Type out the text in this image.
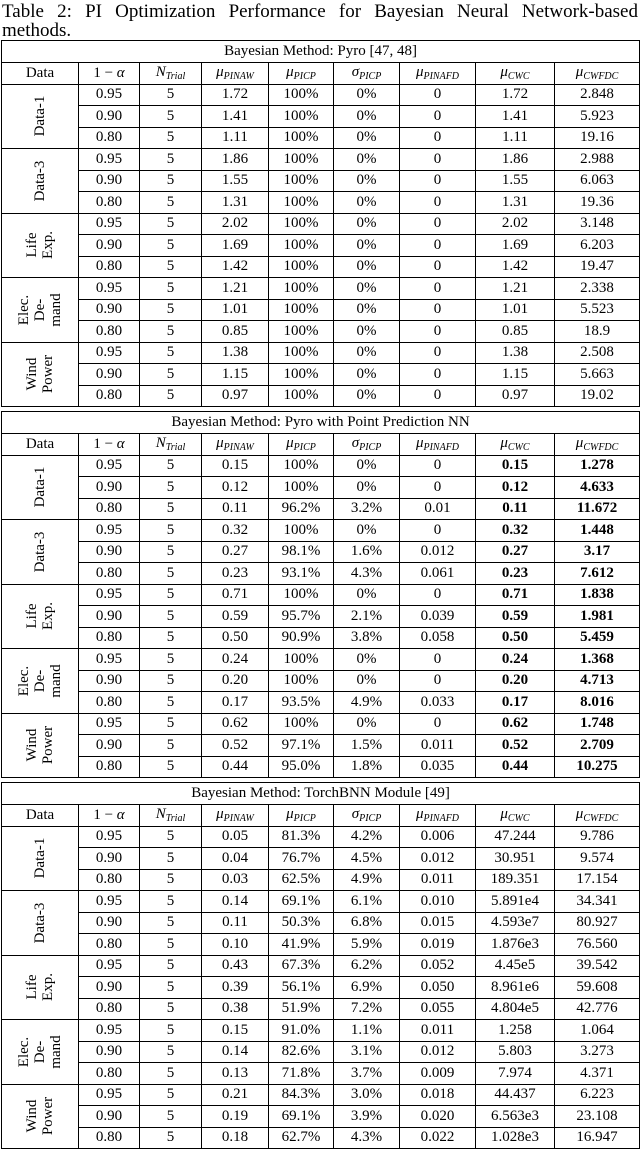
Table 2: PI Optimization Performance for Bayesian Neural Network-based methods.
Bayesian Method: Pyro [47, 48]								
Data	1 − α	$N_{Trial}$	$\mu_{PINAW}$	$\mu_{PICP}$	$\sigma_{PICP}$	$\mu_{PINAFD}$	$\mu_{CWC}$	$\mu_{CWFDC}$

Data-1	0.95	5	1.72	100%	0%	0	1.72	2.848
	0.90	5	1.41	100%	0%	0	1.41	5.923
	0.80	5	1.11	100%	0%	0	1.11	19.16

Data-3	0.95	5	1.86	100%	0%	0	1.86	2.988
	0.90	5	1.55	100%	0%	0	1.55	6.063
	0.80	5	1.31	100%	0%	0	1.31	19.36

Life Exp.	0.95	5	2.02	100%	0%	0	2.02	3.148
	0.90	5	1.69	100%	0%	0	1.69	6.203
	0.80	5	1.42	100%	0%	0	1.42	19.47

Elec. De- mand	0.95	5	1.21	100%	0%	0	1.21	2.338
	0.90	5	1.01	100%	0%	0	1.01	5.523
	0.80	5	0.85	100%	0%	0	0.85	18.9

Wind Power	0.95	5	1.38	100%	0%	0	1.38	2.508
	0.90	5	1.15	100%	0%	0	1.15	5.663
	0.80	5	0.97	100%	0%	0	0.97	19.02

Bayesian Method: Pyro with Point Prediction NN								
Data	1 − α	$N_{Trial}$	$\mu_{PINAW}$	$\mu_{PICP}$	$\sigma_{PICP}$	$\mu_{PINAFD}$	$\mu_{CWC}$	$\mu_{CWFDC}$

Data-1	0.95	5	0.15	100%	0%	0	0.15	1.278
	0.90	5	0.12	100%	0%	0	0.12	4.633
	0.80	5	0.11	96.2%	3.2%	0.01	0.11	11.672

Data-3	0.95	5	0.32	100%	0%	0	0.32	1.448
	0.90	5	0.27	98.1%	1.6%	0.012	0.27	3.17
	0.80	5	0.23	93.1%	4.3%	0.061	0.23	7.612

Life Exp.	0.95	5	0.71	100%	0%	0	0.71	1.838
	0.90	5	0.59	95.7%	2.1%	0.039	0.59	1.981
	0.80	5	0.50	90.9%	3.8%	0.058	0.50	5.459

Elec. De- mand	0.95	5	0.24	100%	0%	0	0.24	1.368
	0.90	5	0.20	100%	0%	0	0.20	4.713
	0.80	5	0.17	93.5%	4.9%	0.033	0.17	8.016

Wind Power	0.95	5	0.62	100%	0%	0	0.62	1.748
	0.90	5	0.52	97.1%	1.5%	0.011	0.52	2.709
	0.80	5	0.44	95.0%	1.8%	0.035	0.44	10.275

Bayesian Method: TorchBNN Module [49]								
Data	1 − α	$N_{Trial}$	$\mu_{PINAW}$	$\mu_{PICP}$	$\sigma_{PICP}$	$\mu_{PINAFD}$	$\mu_{CWC}$	$\mu_{CWFDC}$

Data-1	0.95	5	0.05	81.3%	4.2%	0.006	47.244	9.786
	0.90	5	0.04	76.7%	4.5%	0.012	30.951	9.574
	0.80	5	0.03	62.5%	4.9%	0.011	189.351	17.154

Data-3	0.95	5	0.14	69.1%	6.1%	0.010	5.891e4	34.341
	0.90	5	0.11	50.3%	6.8%	0.015	4.593e7	80.927
	0.80	5	0.10	41.9%	5.9%	0.019	1.876e3	76.560

Life Exp.	0.95	5	0.43	67.3%	6.2%	0.052	4.45e5	39.542
	0.90	5	0.39	56.1%	6.9%	0.050	8.961e6	59.608
	0.80	5	0.38	51.9%	7.2%	0.055	4.804e5	42.776

Elec. De- mand	0.95	5	0.15	91.0%	1.1%	0.011	1.258	1.064
	0.90	5	0.14	82.6%	3.1%	0.012	5.803	3.273
	0.80	5	0.13	71.8%	3.7%	0.009	7.974	4.371

Wind Power	0.95	5	0.21	84.3%	3.0%	0.018	44.437	6.223
	0.90	5	0.19	69.1%	3.9%	0.020	6.563e3	23.108
	0.80	5	0.18	62.7%	4.3%	0.022	1.028e3	16.947
